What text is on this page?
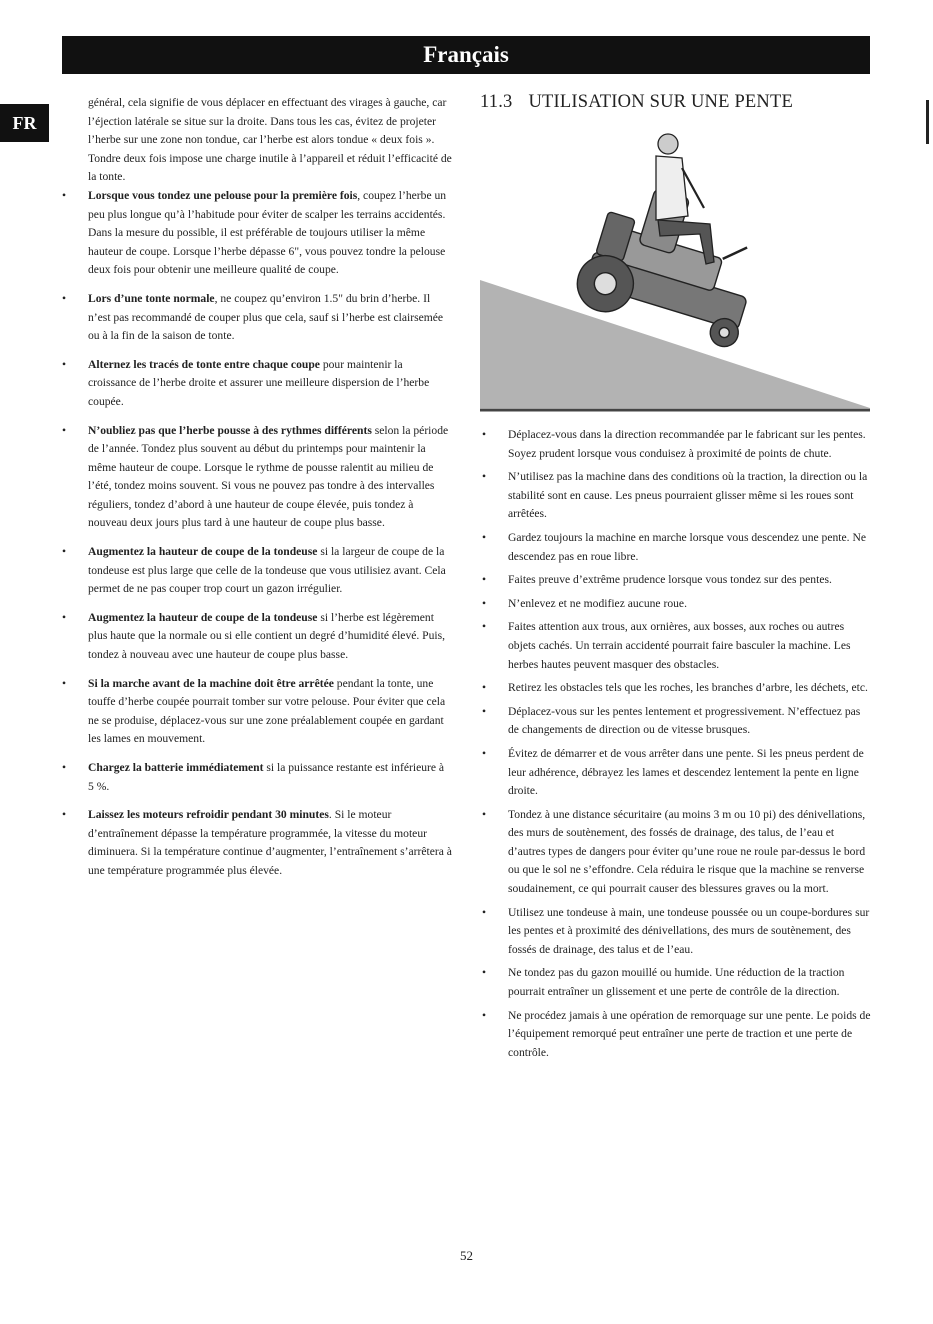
Français
FR

général, cela signifie de vous déplacer en effectuant des virages à gauche, car l’éjection latérale se situe sur la droite. Dans tous les cas, évitez de projeter l’herbe sur une zone non tondue, car l’herbe est alors tondue « deux fois ». Tondre deux fois impose une charge inutile à l’appareil et réduit l’efficacité de la tonte.

• Lorsque vous tondez une pelouse pour la première fois, coupez l’herbe un peu plus longue qu’à l’habitude pour éviter de scalper les terrains accidentés. Dans la mesure du possible, il est préférable de toujours utiliser la même hauteur de coupe. Lorsque l’herbe dépasse 6", vous pouvez tondre la pelouse deux fois pour obtenir une meilleure qualité de coupe.
• Lors d’une tonte normale, ne coupez qu’environ 1.5" du brin d’herbe. Il n’est pas recommandé de couper plus que cela, sauf si l’herbe est clairsemée ou à la fin de la saison de tonte.
• Alternez les tracés de tonte entre chaque coupe pour maintenir la croissance de l’herbe droite et assurer une meilleure dispersion de l’herbe coupée.
• N’oubliez pas que l’herbe pousse à des rythmes différents selon la période de l’année. Tondez plus souvent au début du printemps pour maintenir la même hauteur de coupe. Lorsque le rythme de pousse ralentit au milieu de l’été, tondez moins souvent. Si vous ne pouvez pas tondre à des intervalles réguliers, tondez d’abord à une hauteur de coupe élevée, puis tondez à nouveau deux jours plus tard à une hauteur de coupe plus basse.
• Augmentez la hauteur de coupe de la tondeuse si la largeur de coupe de la tondeuse est plus large que celle de la tondeuse que vous utilisiez avant. Cela permet de ne pas couper trop court un gazon irrégulier.
• Augmentez la hauteur de coupe de la tondeuse si l’herbe est légèrement plus haute que la normale ou si elle contient un degré d’humidité élevé. Puis, tondez à nouveau avec une hauteur de coupe plus basse.
• Si la marche avant de la machine doit être arrêtée pendant la tonte, une touffe d’herbe coupée pourrait tomber sur votre pelouse. Pour éviter que cela ne se produise, déplacez-vous sur une zone préalablement coupée en gardant les lames en mouvement.
• Chargez la batterie immédiatement si la puissance restante est inférieure à 5 %.
• Laissez les moteurs refroidir pendant 30 minutes. Si le moteur d’entraînement dépasse la température programmée, la vitesse du moteur diminuera. Si la température continue d’augmenter, l’entraînement s’arrêtera à une température programmée plus élevée.
11.3 UTILISATION SUR UNE PENTE
• Déplacez-vous dans la direction recommandée par le fabricant sur les pentes. Soyez prudent lorsque vous conduisez à proximité de points de chute.
• N’utilisez pas la machine dans des conditions où la traction, la direction ou la stabilité sont en cause. Les pneus pourraient glisser même si les roues sont arrêtées.
• Gardez toujours la machine en marche lorsque vous descendez une pente. Ne descendez pas en roue libre.
• Faites preuve d’extrême prudence lorsque vous tondez sur des pentes.
• N’enlevez et ne modifiez aucune roue.
• Faites attention aux trous, aux ornières, aux bosses, aux roches ou autres objets cachés. Un terrain accidenté pourrait faire basculer la machine. Les herbes hautes peuvent masquer des obstacles.
• Retirez les obstacles tels que les roches, les branches d’arbre, les déchets, etc.
• Déplacez-vous sur les pentes lentement et progressivement. N’effectuez pas de changements de direction ou de vitesse brusques.
• Évitez de démarrer et de vous arrêter dans une pente. Si les pneus perdent de leur adhérence, débrayez les lames et descendez lentement la pente en ligne droite.
• Tondez à une distance sécuritaire (au moins 3 m ou 10 pi) des dénivellations, des murs de soutènement, des fossés de drainage, des talus, de l’eau et d’autres types de dangers pour éviter qu’une roue ne roule par-dessus le bord ou que le sol ne s’effondre. Cela réduira le risque que la machine se renverse soudainement, ce qui pourrait causer des blessures graves ou la mort.
• Utilisez une tondeuse à main, une tondeuse poussée ou un coupe-bordures sur les pentes et à proximité des dénivellations, des murs de soutènement, des fossés de drainage, des talus et de l’eau.
• Ne tondez pas du gazon mouillé ou humide. Une réduction de la traction pourrait entraîner un glissement et une perte de contrôle de la direction.
• Ne procédez jamais à une opération de remorquage sur une pente. Le poids de l’équipement remorqué peut entraîner une perte de traction et une perte de contrôle.
52
